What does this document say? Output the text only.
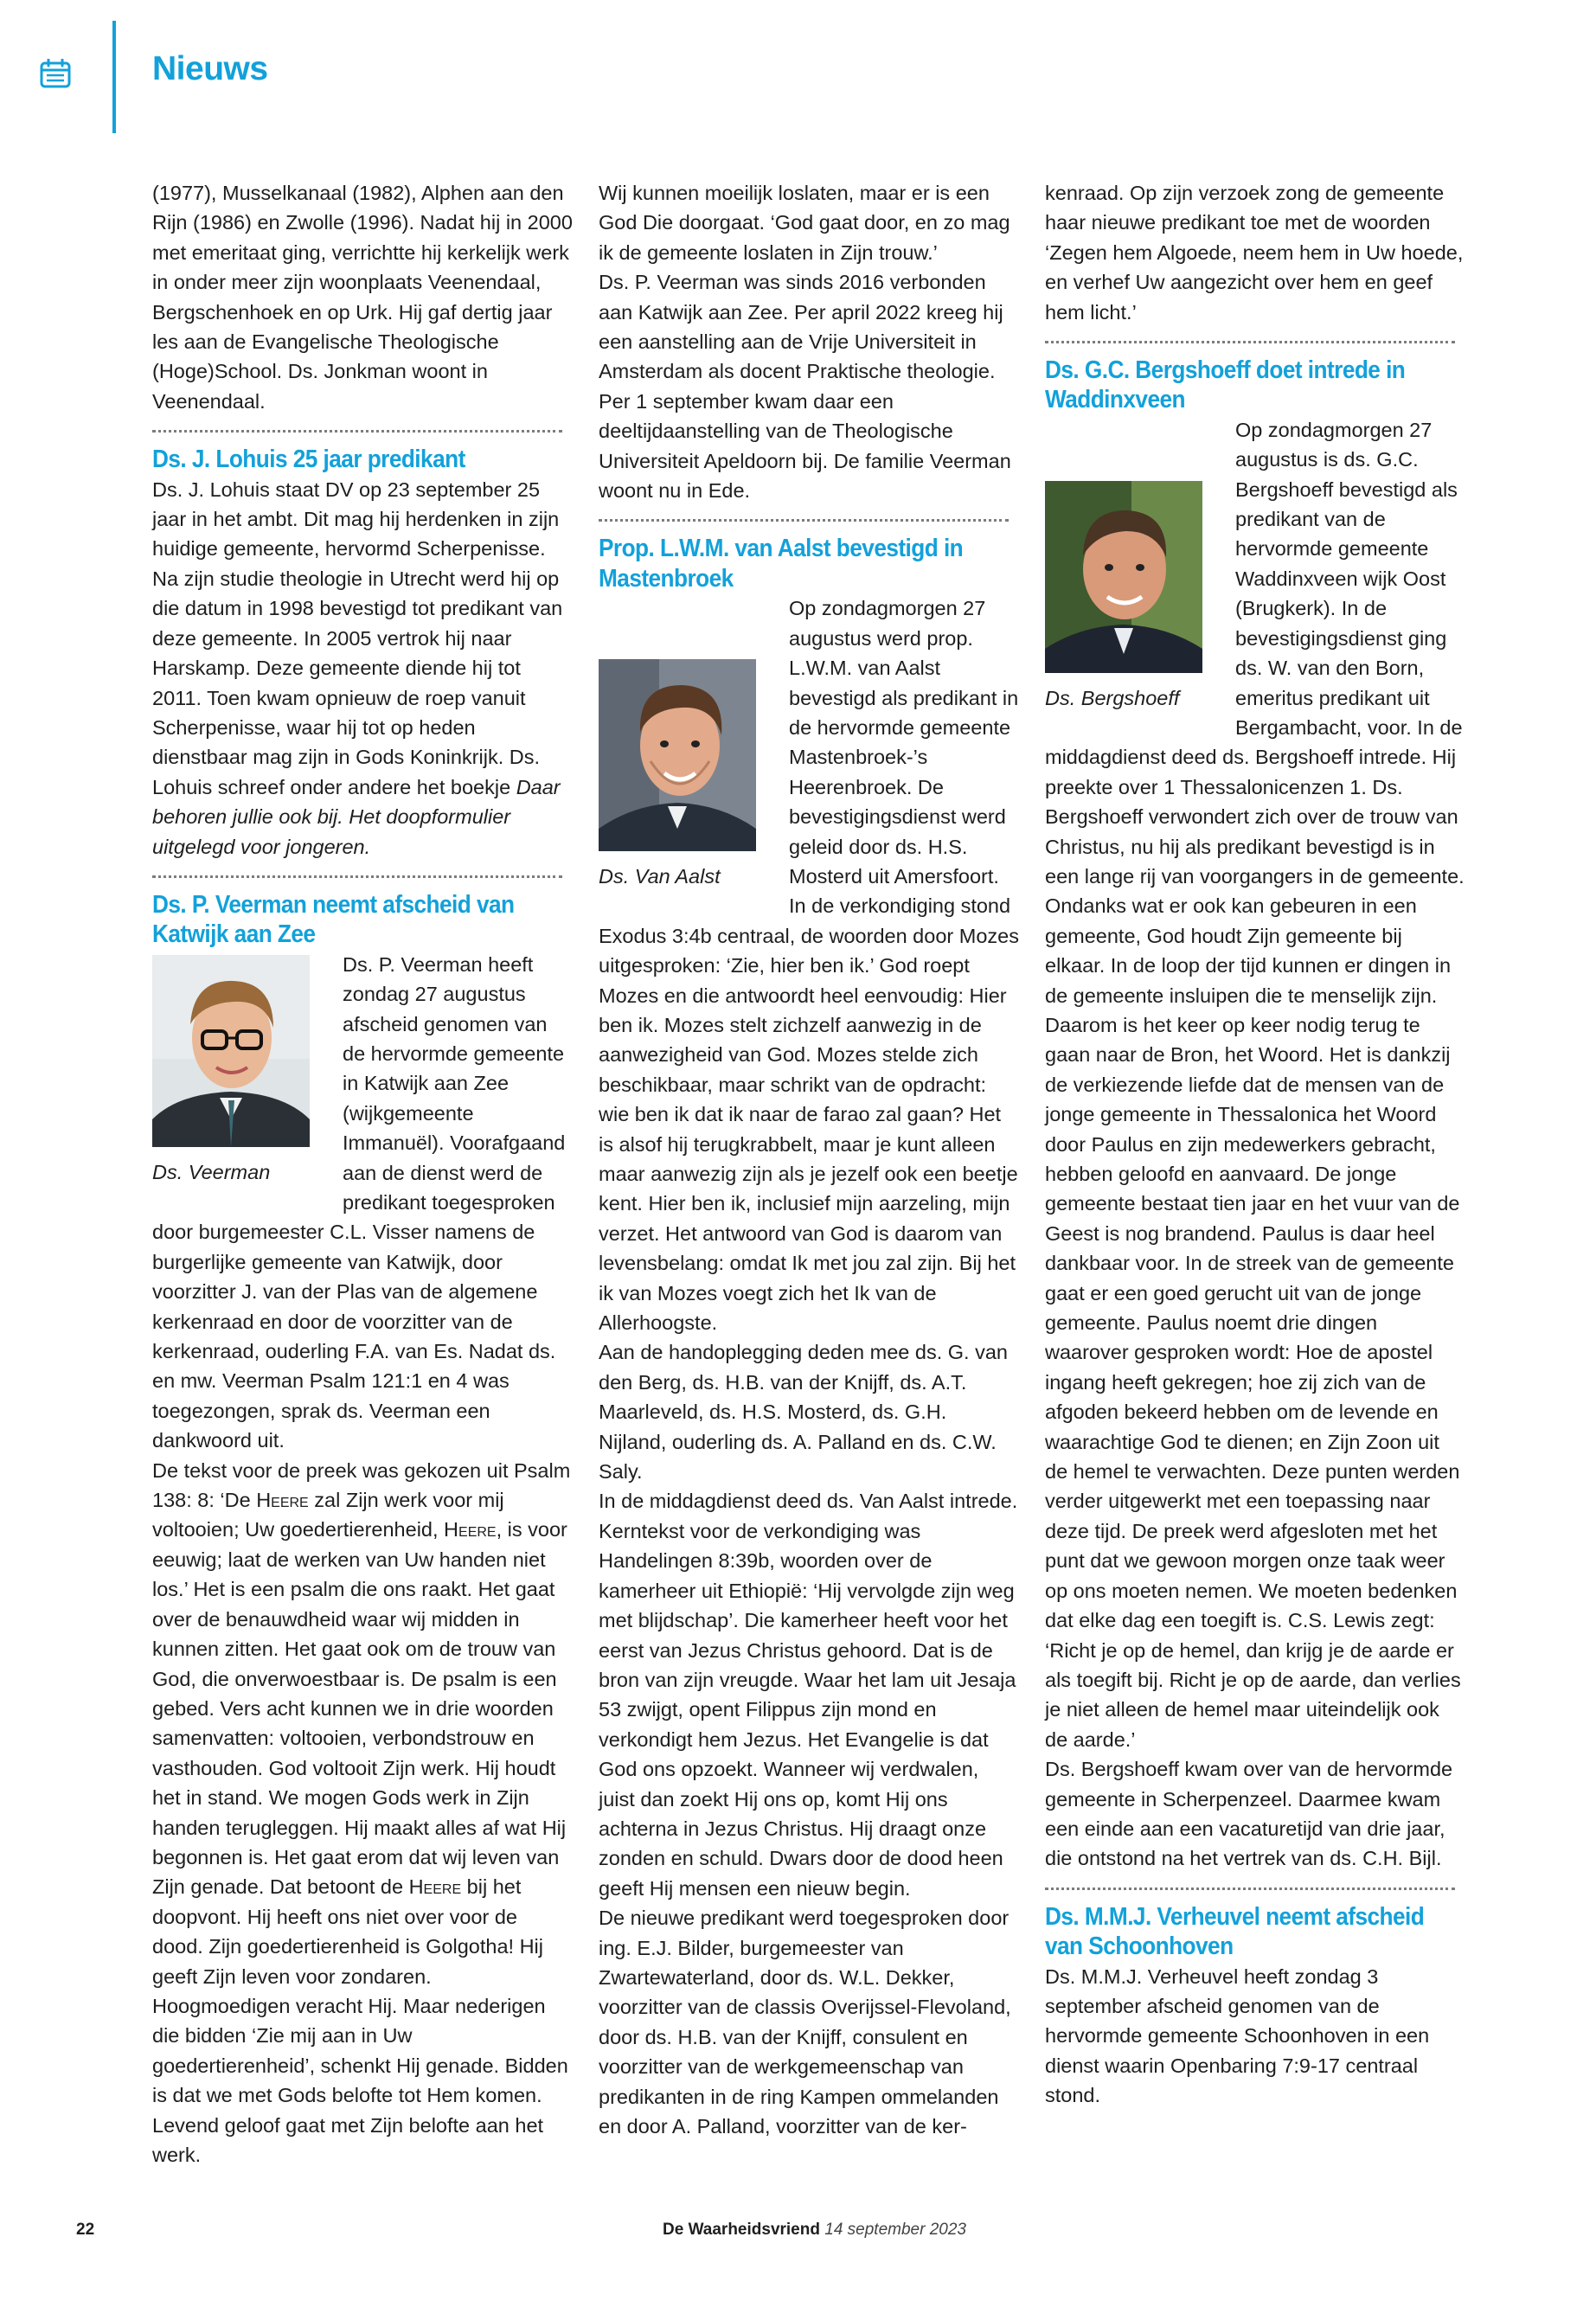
Nieuws

(1977), Musselkanaal (1982), Alphen aan den Rijn (1986) en Zwolle (1996). Nadat hij in 2000 met emeritaat ging, verrichtte hij kerkelijk werk in onder meer zijn woonplaats Veenendaal, Bergschenhoek en op Urk. Hij gaf dertig jaar les aan de Evangelische Theologische (Hoge)School. Ds. Jonkman woont in Veenendaal.

Ds. J. Lohuis 25 jaar predikant

Ds. J. Lohuis staat DV op 23 september 25 jaar in het ambt. Dit mag hij herdenken in zijn huidige gemeente, hervormd Scherpenisse. Na zijn studie theologie in Utrecht werd hij op die datum in 1998 bevestigd tot predikant van deze gemeente. In 2005 vertrok hij naar Harskamp. Deze gemeente diende hij tot 2011. Toen kwam opnieuw de roep vanuit Scherpenisse, waar hij tot op heden dienstbaar mag zijn in Gods Koninkrijk. Ds. Lohuis schreef onder andere het boekje Daar behoren jullie ook bij. Het doopformulier uitgelegd voor jongeren.

Ds. P. Veerman neemt afscheid van
Katwijk aan Zee
Ds. Veerman

Ds. P. Veerman heeft zondag 27 augustus afscheid genomen van de hervormde gemeente in Katwijk aan Zee (wijkgemeente Immanuël). Voorafgaand aan de dienst werd de predikant toegesproken door burgemeester C.L. Visser namens de burgerlijke gemeente van Katwijk, door voorzitter J. van der Plas van de algemene kerkenraad en door de voorzitter van de kerkenraad, ouderling F.A. van Es. Nadat ds. en mw. Veerman Psalm 121:1 en 4 was toegezongen, sprak ds. Veerman een dankwoord uit.

De tekst voor de preek was gekozen uit Psalm 138: 8: ‘De Heere zal Zijn werk voor mij voltooien; Uw goedertierenheid, Heere, is voor eeuwig; laat de werken van Uw handen niet los.’ Het is een psalm die ons raakt. Het gaat over de benauwdheid waar wij midden in kunnen zitten. Het gaat ook om de trouw van God, die onverwoestbaar is. De psalm is een gebed. Vers acht kunnen we in drie woorden samenvatten: voltooien, verbondstrouw en vasthouden. God voltooit Zijn werk. Hij houdt het in stand. We mogen Gods werk in Zijn handen terugleggen. Hij maakt alles af wat Hij begonnen is. Het gaat erom dat wij leven van Zijn genade. Dat betoont de Heere bij het doopvont. Hij heeft ons niet over voor de dood. Zijn goedertierenheid is Golgotha! Hij geeft Zijn leven voor zondaren. Hoogmoedigen veracht Hij. Maar nederigen die bidden ‘Zie mij aan in Uw goedertierenheid’, schenkt Hij genade. Bidden is dat we met Gods belofte tot Hem komen. Levend geloof gaat met Zijn belofte aan het werk.

Wij kunnen moeilijk loslaten, maar er is een God Die doorgaat. ‘God gaat door, en zo mag ik de gemeente loslaten in Zijn trouw.’

Ds. P. Veerman was sinds 2016 verbonden aan Katwijk aan Zee. Per april 2022 kreeg hij een aanstelling aan de Vrije Universiteit in Amsterdam als docent Praktische theologie. Per 1 september kwam daar een deeltijdaanstelling van de Theologische Universiteit Apeldoorn bij. De familie Veerman woont nu in Ede.

Prop. L.W.M. van Aalst bevestigd in
Mastenbroek
Ds. Van Aalst

Op zondagmorgen 27 augustus werd prop. L.W.M. van Aalst bevestigd als predikant in de hervormde gemeente Mastenbroek-’s Heerenbroek. De bevestigingsdienst werd geleid door ds. H.S. Mosterd uit Amersfoort. In de verkondiging stond Exodus 3:4b centraal, de woorden door Mozes uitgesproken: ‘Zie, hier ben ik.’ God roept Mozes en die antwoordt heel eenvoudig: Hier ben ik. Mozes stelt zichzelf aanwezig in de aanwezigheid van God. Mozes stelde zich beschikbaar, maar schrikt van de opdracht: wie ben ik dat ik naar de farao zal gaan? Het is alsof hij terugkrabbelt, maar je kunt alleen maar aanwezig zijn als je jezelf ook een beetje kent. Hier ben ik, inclusief mijn aarzeling, mijn verzet. Het antwoord van God is daarom van levensbelang: omdat Ik met jou zal zijn. Bij het ik van Mozes voegt zich het Ik van de Allerhoogste.

Aan de handoplegging deden mee ds. G. van den Berg, ds. H.B. van der Knijff, ds. A.T. Maarleveld, ds. H.S. Mosterd, ds. G.H. Nijland, ouderling ds. A. Palland en ds. C.W. Saly.

In de middagdienst deed ds. Van Aalst intrede. Kerntekst voor de verkondiging was Handelingen 8:39b, woorden over de kamerheer uit Ethiopië: ‘Hij vervolgde zijn weg met blijdschap’. Die kamerheer heeft voor het eerst van Jezus Christus gehoord. Dat is de bron van zijn vreugde. Waar het lam uit Jesaja 53 zwijgt, opent Filippus zijn mond en verkondigt hem Jezus. Het Evangelie is dat God ons opzoekt. Wanneer wij verdwalen, juist dan zoekt Hij ons op, komt Hij ons achterna in Jezus Christus. Hij draagt onze zonden en schuld. Dwars door de dood heen geeft Hij mensen een nieuw begin.

De nieuwe predikant werd toegesproken door ing. E.J. Bilder, burgemeester van Zwartewaterland, door ds. W.L. Dekker, voorzitter van de classis Overijssel-Flevoland, door ds. H.B. van der Knijff, consulent en voorzitter van de werkgemeenschap van predikanten in de ring Kampen ommelanden en door A. Palland, voorzitter van de ker-

kenraad. Op zijn verzoek zong de gemeente haar nieuwe predikant toe met de woorden ‘Zegen hem Algoede, neem hem in Uw hoede, en verhef Uw aangezicht over hem en geef hem licht.’

Ds. G.C. Bergshoeff doet intrede in
Waddinxveen
Ds. Bergshoeff

Op zondagmorgen 27 augustus is ds. G.C. Bergshoeff bevestigd als predikant van de hervormde gemeente Waddinxveen wijk Oost (Brugkerk). In de bevestigingsdienst ging ds. W. van den Born, emeritus predikant uit Bergambacht, voor. In de middagdienst deed ds. Bergshoeff intrede. Hij preekte over 1 Thessalonicenzen 1. Ds. Bergshoeff verwondert zich over de trouw van Christus, nu hij als predikant bevestigd is in een lange rij van voorgangers in de gemeente. Ondanks wat er ook kan gebeuren in een gemeente, God houdt Zijn gemeente bij elkaar. In de loop der tijd kunnen er dingen in de gemeente insluipen die te menselijk zijn. Daarom is het keer op keer nodig terug te gaan naar de Bron, het Woord. Het is dankzij de verkiezende liefde dat de mensen van de jonge gemeente in Thessalonica het Woord door Paulus en zijn medewerkers gebracht, hebben geloofd en aanvaard. De jonge gemeente bestaat tien jaar en het vuur van de Geest is nog brandend. Paulus is daar heel dankbaar voor. In de streek van de gemeente gaat er een goed gerucht uit van de jonge gemeente. Paulus noemt drie dingen waarover gesproken wordt: Hoe de apostel ingang heeft gekregen; hoe zij zich van de afgoden bekeerd hebben om de levende en waarachtige God te dienen; en Zijn Zoon uit de hemel te verwachten. Deze punten werden verder uitgewerkt met een toepassing naar deze tijd. De preek werd afgesloten met het punt dat we gewoon morgen onze taak weer op ons moeten nemen. We moeten bedenken dat elke dag een toegift is. C.S. Lewis zegt: ‘Richt je op de hemel, dan krijg je de aarde er als toegift bij. Richt je op de aarde, dan verlies je niet alleen de hemel maar uiteindelijk ook de aarde.’

Ds. Bergshoeff kwam over van de hervormde gemeente in Scherpenzeel. Daarmee kwam een einde aan een vacaturetijd van drie jaar, die ontstond na het vertrek van ds. C.H. Bijl.

Ds. M.M.J. Verheuvel neemt afscheid
van Schoonhoven

Ds. M.M.J. Verheuvel heeft zondag 3 september afscheid genomen van de hervormde gemeente Schoonhoven in een dienst waarin Openbaring 7:9-17 centraal stond.

22	De Waarheidsvriend 14 september 2023
